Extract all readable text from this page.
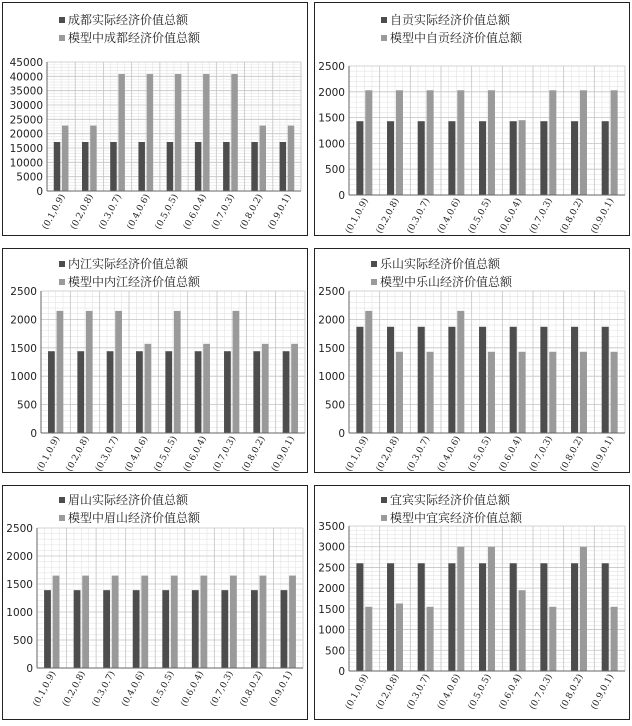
成都实际经济价值总额
模型中成都经济价值总额
0
5000
10000
15000
20000
25000
30000
35000
40000
45000
(0.1,0.9) (0.2,0.8) (0.3,0.7) (0.4,0.6) (0.5,0.5) (0.6,0.4) (0.7,0.3) (0.8,0.2) (0.9,0.1)
自贡实际经济价值总额
模型中自贡经济价值总额
0
500
1000
1500
2000
2500
(0.1,0.9) (0.2,0.8) (0.3,0.7) (0.4,0.6) (0.5,0.5) (0.6,0.4) (0.7,0.3) (0.8,0.2) (0.9,0.1)
内江实际经济价值总额
模型中内江经济价值总额
0
500
1000
1500
2000
2500
(0.1,0.9) (0.2,0.8) (0.3,0.7) (0.4,0.6) (0.5,0.5) (0.6,0.4) (0.7,0.3) (0.8,0.2) (0.9,0.1)
乐山实际经济价值总额
模型中乐山经济价值总额
0
500
1000
1500
2000
2500
(0.1,0.9) (0.2,0.8) (0.3,0.7) (0.4,0.6) (0.5,0.5) (0.6,0.4) (0.7,0.3) (0.8,0.2) (0.9,0.1)
眉山实际经济价值总额
模型中眉山经济价值总额
0
500
1000
1500
2000
2500
(0.1,0.9) (0.2,0.8) (0.3,0.7) (0.4,0.6) (0.5,0.5) (0.6,0.4) (0.7,0.3) (0.8,0.2) (0.9,0.1)
宜宾实际经济价值总额
模型中宜宾经济价值总额
0
500
1000
1500
2000
2500
3000
3500
(0.1,0.9) (0.2,0.8) (0.3,0.7) (0.4,0.6) (0.5,0.5) (0.6,0.4) (0.7,0.3) (0.8,0.2) (0.9,0.1)
